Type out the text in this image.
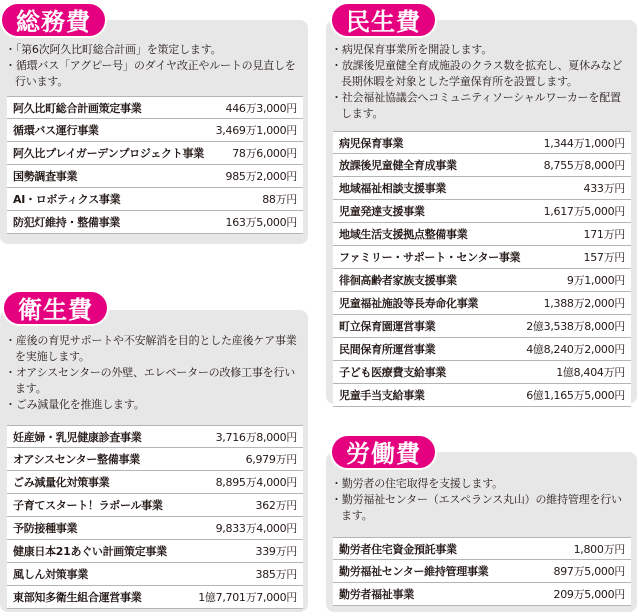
総務費
・ 「第6次阿久比町総合計画」を策定します。
・ 循環バス「アグピー号」のダイヤ改正やルートの見直しを行います。
阿久比町総合計画策定事業	446万3,000円
循環バス運行事業	3,469万1,000円
阿久比プレイガーデンプロジェクト事業	78万6,000円
国勢調査事業	985万2,000円
AI・ロボティクス事業	88万円
防犯灯維持・整備事業	163万5,000円
衛生費
・ 産後の育児サポートや不安解消を目的とした産後ケア事業を実施します。
・ オアシスセンターの外壁、エレベーターの改修工事を行います。
・ ごみ減量化を推進します。
妊産婦・乳児健康診査事業	3,716万8,000円
オアシスセンター整備事業	6,979万円
ごみ減量化対策事業	8,895万4,000円
子育てスタート！ラポール事業	362万円
予防接種事業	9,833万4,000円
健康日本21あぐい計画策定事業	339万円
風しん対策事業	385万円
東部知多衛生組合運営事業	1億7,701万7,000円
民生費
・ 病児保育事業所を開設します。
・ 放課後児童健全育成施設のクラス数を拡充し、夏休みなど長期休暇を対象とした学童保育所を設置します。
・ 社会福祉協議会へコミュニティソーシャルワーカーを配置します。
病児保育事業	1,344万1,000円
放課後児童健全育成事業	8,755万8,000円
地域福祉相談支援事業	433万円
児童発達支援事業	1,617万5,000円
地域生活支援拠点整備事業	171万円
ファミリー・サポート・センター事業	157万円
徘徊高齢者家族支援事業	9万1,000円
児童福祉施設等長寿命化事業	1,388万2,000円
町立保育園運営事業	2億3,538万8,000円
民間保育所運営事業	4億8,240万2,000円
子ども医療費支給事業	1億8,404万円
児童手当支給事業	6億1,165万5,000円
労働費
・ 勤労者の住宅取得を支援します。
・ 勤労福祉センター（エスペランス丸山）の維持管理を行います。
勤労者住宅資金預託事業	1,800万円
勤労福祉センター維持管理事業	897万5,000円
勤労者福祉事業	209万5,000円
